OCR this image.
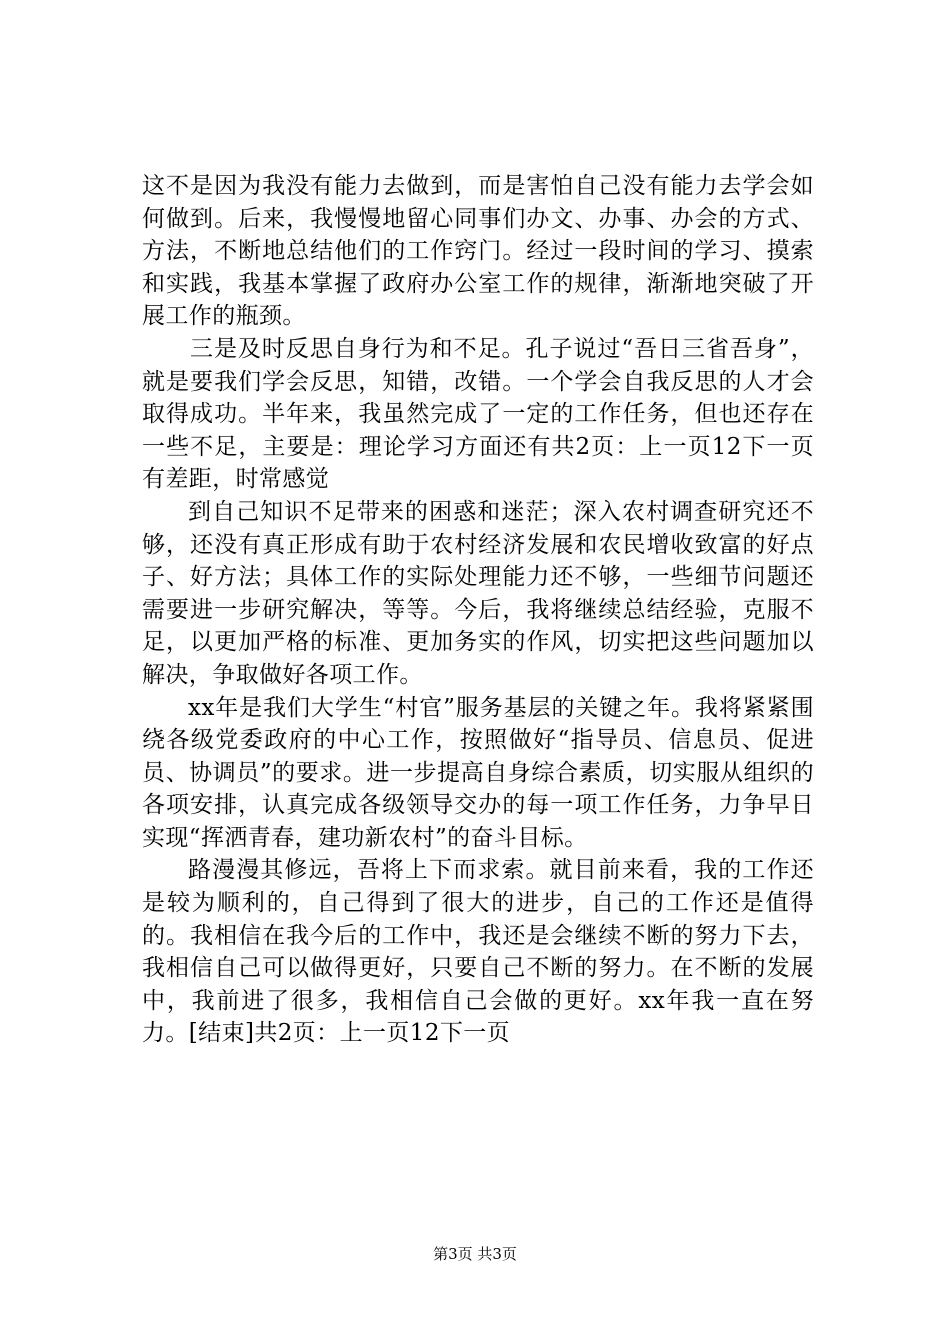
这不是因为我没有能力去做到，而是害怕自己没有能力去学会如何做到。后来，我慢慢地留心同事们办文、办事、办会的方式、方法，不断地总结他们的工作窍门。经过一段时间的学习、摸索和实践，我基本掌握了政府办公室工作的规律，渐渐地突破了开展工作的瓶颈。

三是及时反思自身行为和不足。孔子说过“吾日三省吾身”，就是要我们学会反思，知错，改错。一个学会自我反思的人才会取得成功。半年来，我虽然完成了一定的工作任务，但也还存在一些不足，主要是：理论学习方面还有共2页：上一页12下一页有差距，时常感觉

到自己知识不足带来的困惑和迷茫；深入农村调查研究还不够，还没有真正形成有助于农村经济发展和农民增收致富的好点子、好方法；具体工作的实际处理能力还不够，一些细节问题还需要进一步研究解决，等等。今后，我将继续总结经验，克服不足，以更加严格的标准、更加务实的作风，切实把这些问题加以解决，争取做好各项工作。

xx年是我们大学生“村官”服务基层的关键之年。我将紧紧围绕各级党委政府的中心工作，按照做好“指导员、信息员、促进员、协调员”的要求。进一步提高自身综合素质，切实服从组织的各项安排，认真完成各级领导交办的每一项工作任务，力争早日实现“挥洒青春，建功新农村”的奋斗目标。

路漫漫其修远，吾将上下而求索。就目前来看，我的工作还是较为顺利的，自己得到了很大的进步，自己的工作还是值得的。我相信在我今后的工作中，我还是会继续不断的努力下去，我相信自己可以做得更好，只要自己不断的努力。在不断的发展中，我前进了很多，我相信自己会做的更好。xx年我一直在努力。[结束]共2页：上一页12下一页

第3页 共3页
